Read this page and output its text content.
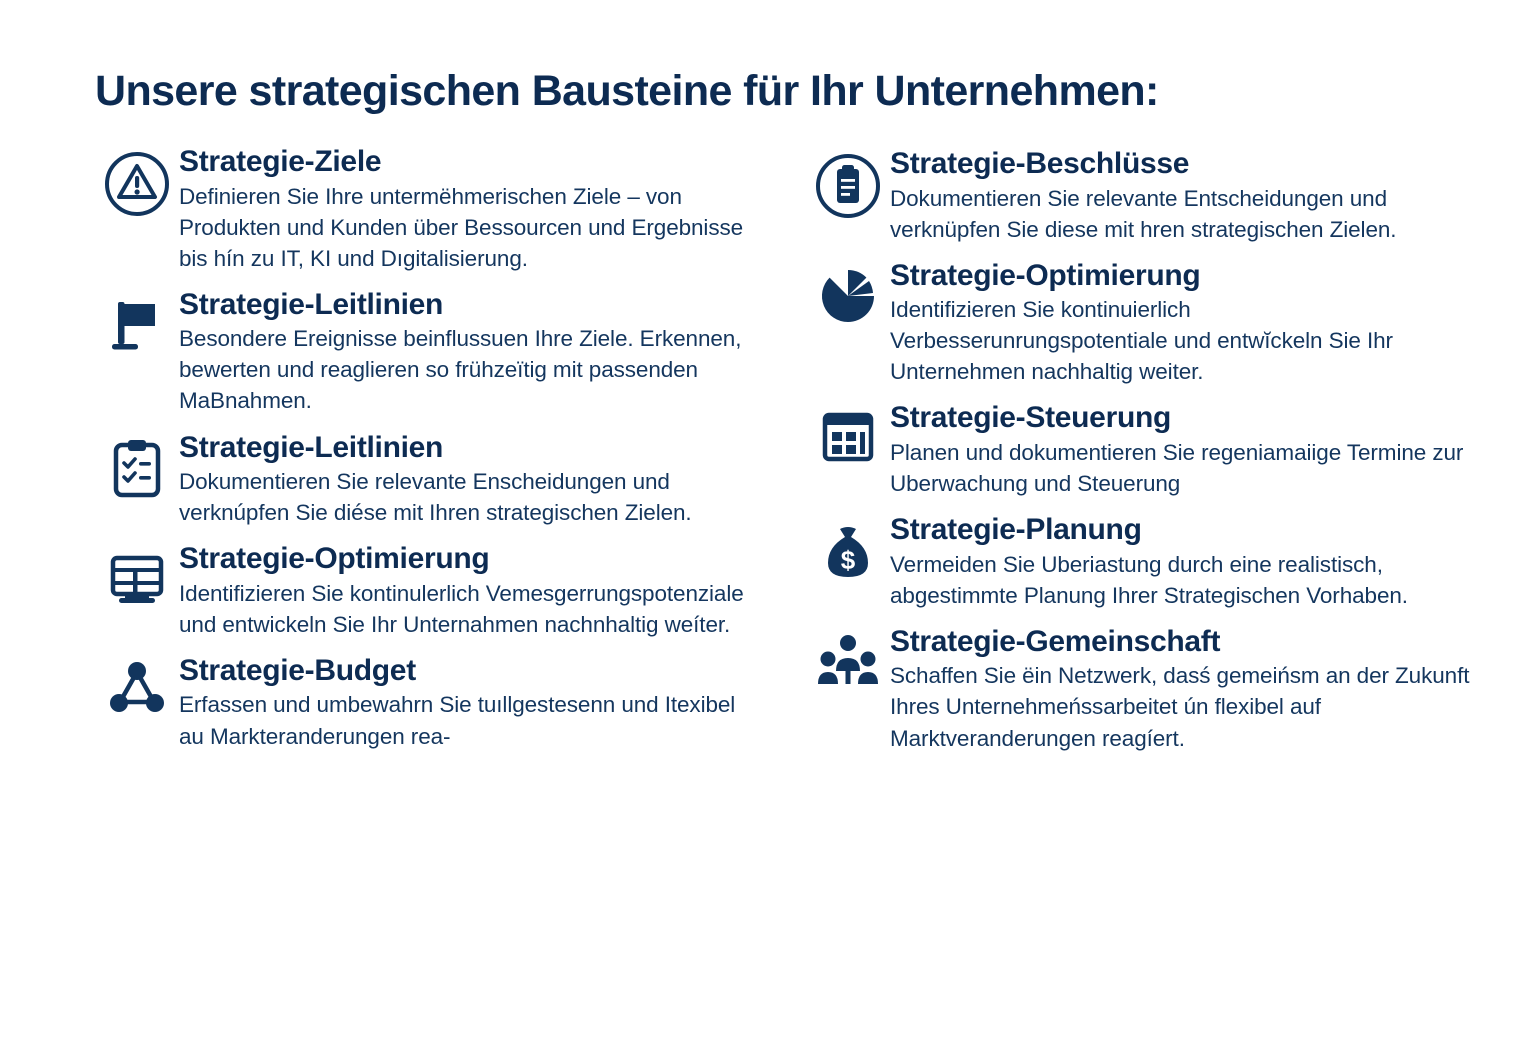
Unsere strategischen Bausteine für Ihr Unternehmen:
Strategie-Ziele

Definieren Sie Ihre untermëhmerischen Ziele – von Produkten und Kunden über Bessourcen und Ergebnisse bis hín zu IT, KI und Dıgitalisierung.

Strategie-Leitlinien

Besondere Ereignisse beinflussuen Ihre Ziele. Erkennen, bewerten und reaglieren so frühzeïtig mit passenden MaBnahmen.

Strategie-Leitlinien

Dokumentieren Sie relevante Enscheidungen und verknúpfen Sie diése mit Ihren strategischen Zielen.

Strategie-Optimierung

Identifizieren Sie kontinulerlich Vemesgerrungspotenziale und entwickeln Sie Ihr Unternahmen nachnhaltig weíter.

Strategie-Budget

Erfassen und umbewahrn Sie tuıllgestesenn und Itexibel au Markteranderungen rea-

Strategie-Beschlüsse

Dokumentieren Sie relevante Entscheidungen und verknüpfen Sie diese mit hren strategischen Zielen.

Strategie-Optimierung

Identifizieren Sie kontinuierlich Verbesserunrungspotentiale und entwĭckeln Sie Ihr Unternehmen nachhaltig weiter.

Strategie-Steuerung

Planen und dokumentieren Sie regeniamaiige Termine zur Uberwachung und Steuerung

$
Strategie-Planung

Vermeiden Sie Uberiastung durch eine realistisch, abgestimmte Planung Ihrer Strategischen Vorhaben.

Strategie-Gemeinschaft

Schaffen Sie ëin Netzwerk, dasś gemeińsm an der Zukunft Ihres Unternehmeńssarbeitet ún flexibel auf Marktveranderungen reagíert.
